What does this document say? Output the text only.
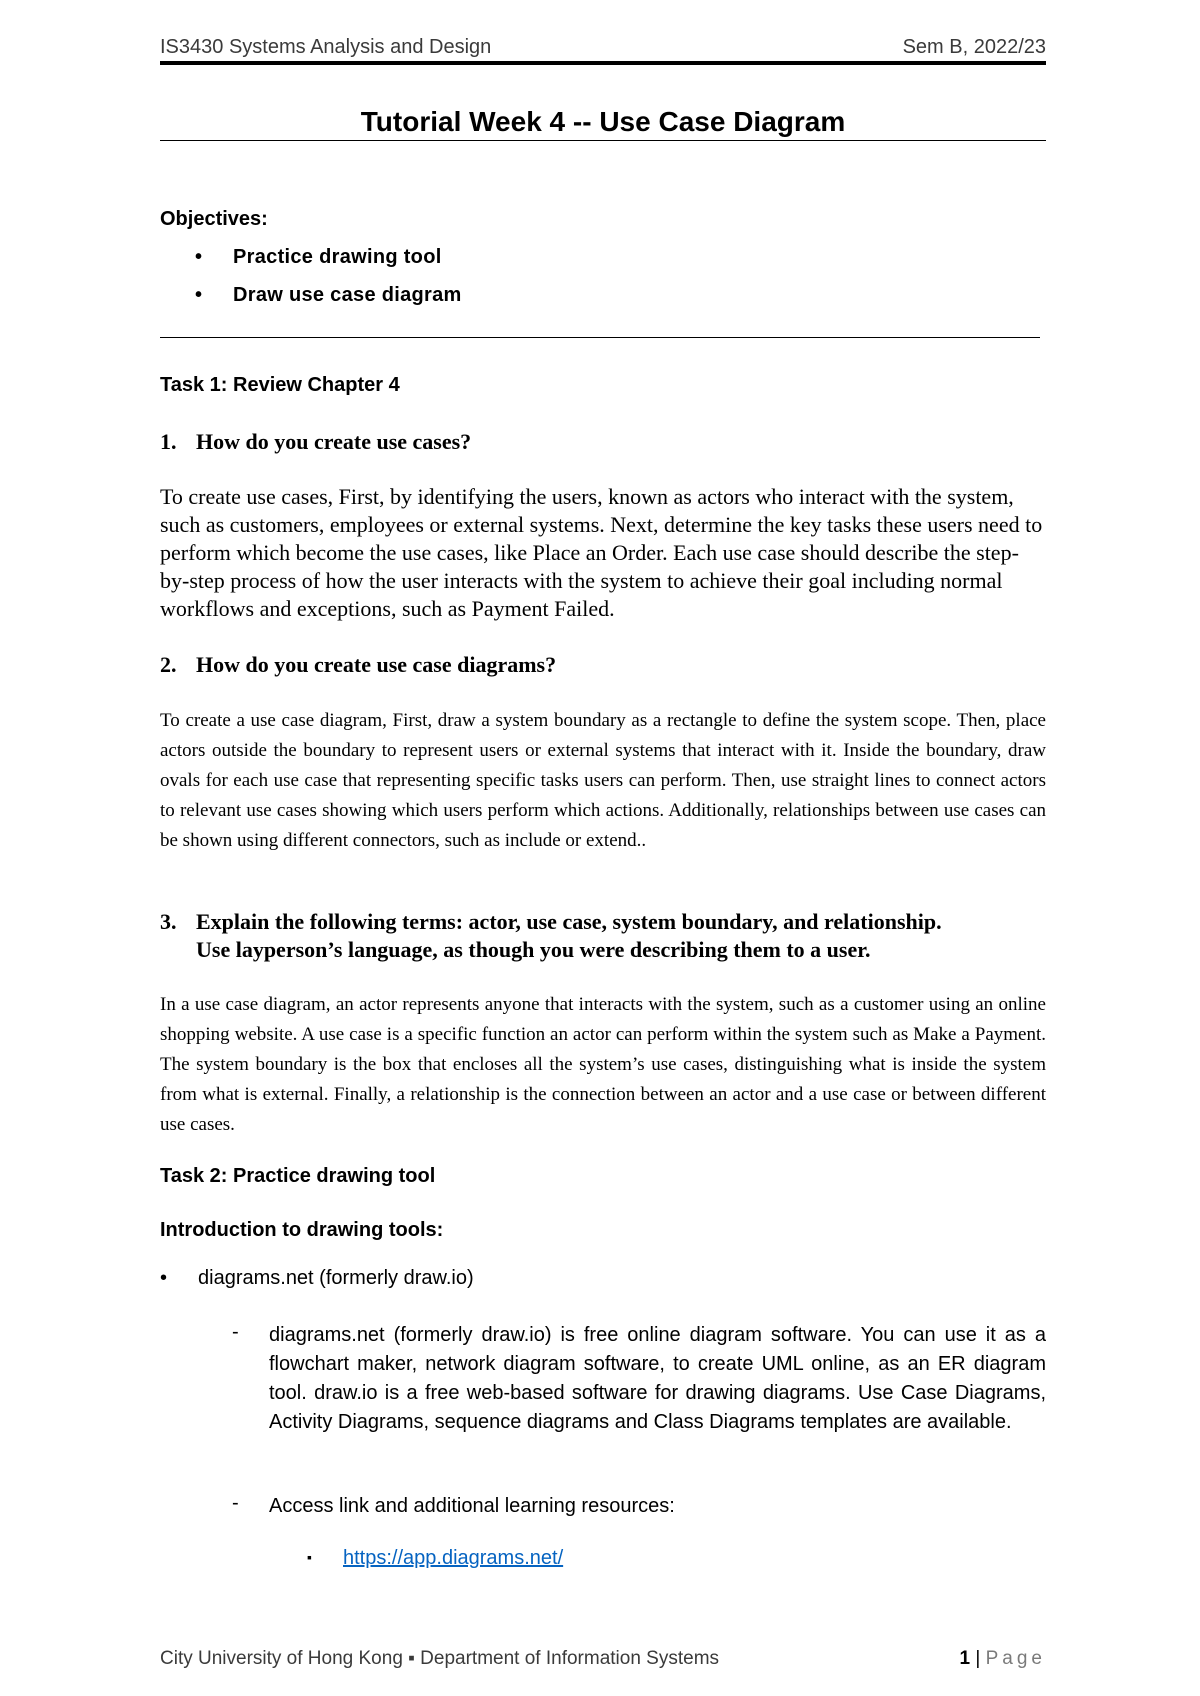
IS3430 Systems Analysis and Design	Sem B, 2022/23
Tutorial Week 4 -- Use Case Diagram
Objectives:
• Practice drawing tool
• Draw use case diagram
Task 1: Review Chapter 4
1. How do you create use cases?
To create use cases, First, by identifying the users, known as actors who interact with the system, such as customers, employees or external systems. Next, determine the key tasks these users need to perform which become the use cases, like Place an Order. Each use case should describe the step-by-step process of how the user interacts with the system to achieve their goal including normal workflows and exceptions, such as Payment Failed.
2. How do you create use case diagrams?
To create a use case diagram, First, draw a system boundary as a rectangle to define the system scope. Then, place actors outside the boundary to represent users or external systems that interact with it. Inside the boundary, draw ovals for each use case that representing specific tasks users can perform. Then, use straight lines to connect actors to relevant use cases showing which users perform which actions. Additionally, relationships between use cases can be shown using different connectors, such as include or extend..
3. Explain the following terms: actor, use case, system boundary, and relationship.
Use layperson’s language, as though you were describing them to a user.
In a use case diagram, an actor represents anyone that interacts with the system, such as a customer using an online shopping website. A use case is a specific function an actor can perform within the system such as Make a Payment. The system boundary is the box that encloses all the system’s use cases, distinguishing what is inside the system from what is external. Finally, a relationship is the connection between an actor and a use case or between different use cases.
Task 2: Practice drawing tool
Introduction to drawing tools:
• diagrams.net (formerly draw.io)
- diagrams.net (formerly draw.io) is free online diagram software. You can use it as a flowchart maker, network diagram software, to create UML online, as an ER diagram tool. draw.io is a free web-based software for drawing diagrams. Use Case Diagrams, Activity Diagrams, sequence diagrams and Class Diagrams templates are available.
- Access link and additional learning resources:
▪ https://app.diagrams.net/
City University of Hong Kong ▪ Department of Information Systems	1 | Page
